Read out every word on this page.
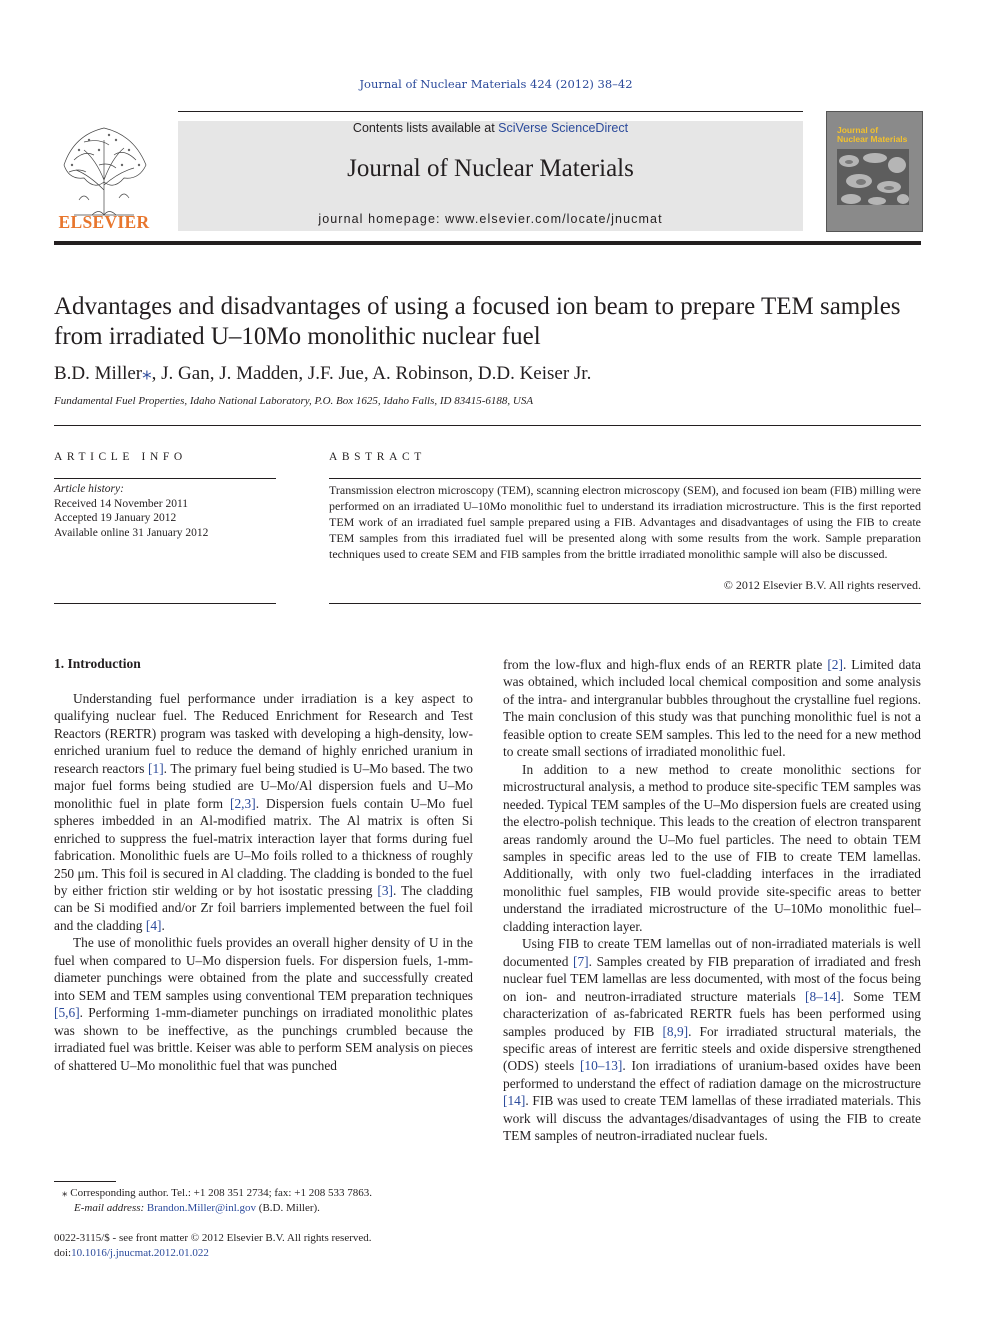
Journal of Nuclear Materials 424 (2012) 38–42
ELSEVIER
Contents lists available at SciVerse ScienceDirect
Journal of Nuclear Materials
journal homepage: www.elsevier.com/locate/jnucmat
Journal of
Nuclear Materials
Advantages and disadvantages of using a focused ion beam to prepare TEM samples from irradiated U–10Mo monolithic nuclear fuel
B.D. Miller⁎, J. Gan, J. Madden, J.F. Jue, A. Robinson, D.D. Keiser Jr.
Fundamental Fuel Properties, Idaho National Laboratory, P.O. Box 1625, Idaho Falls, ID 83415-6188, USA
ARTICLE INFO
Article history:
Received 14 November 2011
Accepted 19 January 2012
Available online 31 January 2012
ABSTRACT
Transmission electron microscopy (TEM), scanning electron microscopy (SEM), and focused ion beam (FIB) milling were performed on an irradiated U–10Mo monolithic fuel to understand its irradiation microstructure. This is the first reported TEM work of an irradiated fuel sample prepared using a FIB. Advantages and disadvantages of using the FIB to create TEM samples from this irradiated fuel will be presented along with some results from the work. Sample preparation techniques used to create SEM and FIB samples from the brittle irradiated monolithic sample will also be discussed.
© 2012 Elsevier B.V. All rights reserved.
1. Introduction

Understanding fuel performance under irradiation is a key aspect to qualifying nuclear fuel. The Reduced Enrichment for Research and Test Reactors (RERTR) program was tasked with developing a high-density, low-enriched uranium fuel to reduce the demand of highly enriched uranium in research reactors [1]. The primary fuel being studied is U–Mo based. The two major fuel forms being studied are U–Mo/Al dispersion fuels and U–Mo monolithic fuel in plate form [2,3]. Dispersion fuels contain U–Mo fuel spheres imbedded in an Al-modified matrix. The Al matrix is often Si enriched to suppress the fuel-matrix interaction layer that forms during fuel fabrication. Monolithic fuels are U–Mo foils rolled to a thickness of roughly 250 μm. This foil is secured in Al cladding. The cladding is bonded to the fuel by either friction stir welding or by hot isostatic pressing [3]. The cladding can be Si modified and/or Zr foil barriers implemented between the fuel foil and the cladding [4].

The use of monolithic fuels provides an overall higher density of U in the fuel when compared to U–Mo dispersion fuels. For dispersion fuels, 1-mm-diameter punchings were obtained from the plate and successfully created into SEM and TEM samples using conventional TEM preparation techniques [5,6]. Performing 1-mm-diameter punchings on irradiated monolithic plates was shown to be ineffective, as the punchings crumbled because the irradiated fuel was brittle. Keiser was able to perform SEM analysis on pieces of shattered U–Mo monolithic fuel that was punched

from the low-flux and high-flux ends of an RERTR plate [2]. Limited data was obtained, which included local chemical composition and some analysis of the intra- and intergranular bubbles throughout the crystalline fuel regions. The main conclusion of this study was that punching monolithic fuel is not a feasible option to create SEM samples. This led to the need for a new method to create small sections of irradiated monolithic fuel.

In addition to a new method to create monolithic sections for microstructural analysis, a method to produce site-specific TEM samples was needed. Typical TEM samples of the U–Mo dispersion fuels are created using the electro-polish technique. This leads to the creation of electron transparent areas randomly around the U–Mo fuel particles. The need to obtain TEM samples in specific areas led to the use of FIB to create TEM lamellas. Additionally, with only two fuel-cladding interfaces in the irradiated monolithic fuel samples, FIB would provide site-specific areas to better understand the irradiated microstructure of the U–10Mo monolithic fuel–cladding interaction layer.

Using FIB to create TEM lamellas out of non-irradiated materials is well documented [7]. Samples created by FIB preparation of irradiated and fresh nuclear fuel TEM lamellas are less documented, with most of the focus being on ion- and neutron-irradiated structure materials [8–14]. Some TEM characterization of as-fabricated RERTR fuels has been performed using samples produced by FIB [8,9]. For irradiated structural materials, the specific areas of interest are ferritic steels and oxide dispersive strengthened (ODS) steels [10–13]. Ion irradiations of uranium-based oxides have been performed to understand the effect of radiation damage on the microstructure [14]. FIB was used to create TEM lamellas of these irradiated materials. This work will discuss the advantages/disadvantages of using the FIB to create TEM samples of neutron-irradiated nuclear fuels.

⁎ Corresponding author. Tel.: +1 208 351 2734; fax: +1 208 533 7863.
E-mail address: Brandon.Miller@inl.gov (B.D. Miller).
0022-3115/$ - see front matter © 2012 Elsevier B.V. All rights reserved.
doi:10.1016/j.jnucmat.2012.01.022
